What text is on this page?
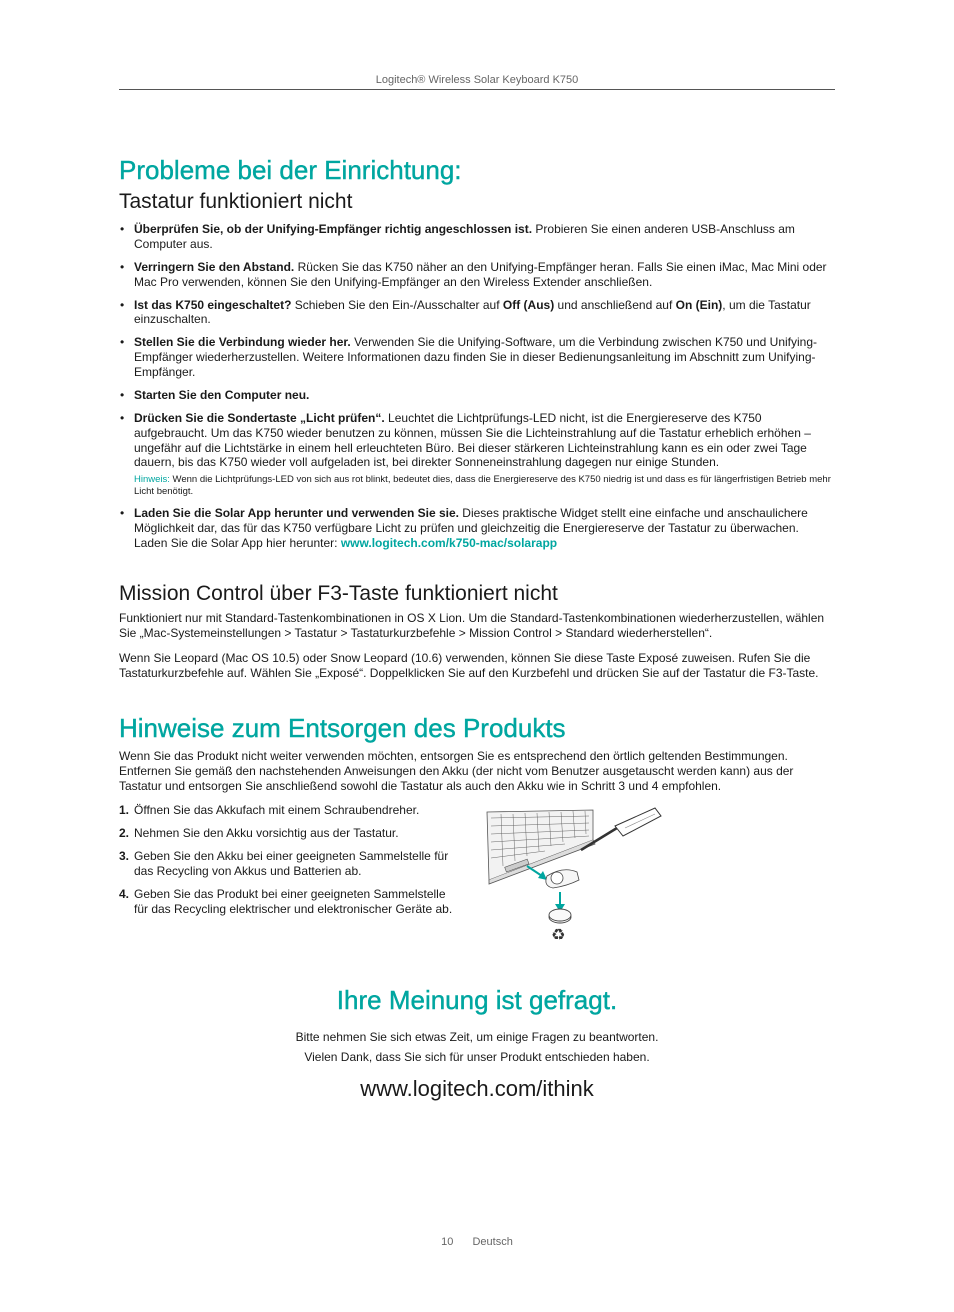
Logitech® Wireless Solar Keyboard K750
Probleme bei der Einrichtung:
Tastatur funktioniert nicht
• Überprüfen Sie, ob der Unifying-Empfänger richtig angeschlossen ist. Probieren Sie einen anderen USB-Anschluss am Computer aus.
• Verringern Sie den Abstand. Rücken Sie das K750 näher an den Unifying-Empfänger heran. Falls Sie einen iMac, Mac Mini oder Mac Pro verwenden, können Sie den Unifying-Empfänger an den Wireless Extender anschließen.
• Ist das K750 eingeschaltet? Schieben Sie den Ein-/Ausschalter auf Off (Aus) und anschließend auf On (Ein), um die Tastatur einzuschalten.
• Stellen Sie die Verbindung wieder her. Verwenden Sie die Unifying-Software, um die Verbindung zwischen K750 und Unifying-Empfänger wiederherzustellen. Weitere Informationen dazu finden Sie in dieser Bedienungsanleitung im Abschnitt zum Unifying-Empfänger.
• Starten Sie den Computer neu.
• Drücken Sie die Sondertaste „Licht prüfen“. Leuchtet die Lichtprüfungs-LED nicht, ist die Energiereserve des K750 aufgebraucht. Um das K750 wieder benutzen zu können, müssen Sie die Lichteinstrahlung auf die Tastatur erheblich erhöhen – ungefähr auf die Lichtstärke in einem hell erleuchteten Büro. Bei dieser stärkeren Lichteinstrahlung kann es ein oder zwei Tage dauern, bis das K750 wieder voll aufgeladen ist, bei direkter Sonneneinstrahlung dagegen nur einige Stunden.
Hinweis: Wenn die Lichtprüfungs-LED von sich aus rot blinkt, bedeutet dies, dass die Energiereserve des K750 niedrig ist und dass es für längerfristigen Betrieb mehr Licht benötigt.
• Laden Sie die Solar App herunter und verwenden Sie sie. Dieses praktische Widget stellt eine einfache und anschaulichere Möglichkeit dar, das für das K750 verfügbare Licht zu prüfen und gleichzeitig die Energiereserve der Tastatur zu überwachen. Laden Sie die Solar App hier herunter: www.logitech.com/k750-mac/solarapp
Mission Control über F3-Taste funktioniert nicht

Funktioniert nur mit Standard-Tastenkombinationen in OS X Lion. Um die Standard-Tastenkombinationen wiederherzustellen, wählen Sie „Mac-Systemeinstellungen > Tastatur > Tastaturkurzbefehle > Mission Control > Standard wiederherstellen“.

Wenn Sie Leopard (Mac OS 10.5) oder Snow Leopard (10.6) verwenden, können Sie diese Taste Exposé zuweisen. Rufen Sie die Tastaturkurzbefehle auf. Wählen Sie „Exposé“. Doppelklicken Sie auf den Kurzbefehl und drücken Sie auf der Tastatur die F3-Taste.

Hinweise zum Entsorgen des Produkts

Wenn Sie das Produkt nicht weiter verwenden möchten, entsorgen Sie es entsprechend den örtlich geltenden Bestimmungen. Entfernen Sie gemäß den nachstehenden Anweisungen den Akku (der nicht vom Benutzer ausgetauscht werden kann) aus der Tastatur und entsorgen Sie anschließend sowohl die Tastatur als auch den Akku wie in Schritt 3 und 4 empfohlen.

1. Öffnen Sie das Akkufach mit einem Schraubendreher.
2. Nehmen Sie den Akku vorsichtig aus der Tastatur.
3. Geben Sie den Akku bei einer geeigneten Sammelstelle für das Recycling von Akkus und Batterien ab.
4. Geben Sie das Produkt bei einer geeigneten Sammelstelle für das Recycling elektrischer und elektronischer Geräte ab.
♻
Ihre Meinung ist gefragt.
Bitte nehmen Sie sich etwas Zeit, um einige Fragen zu beantworten.
Vielen Dank, dass Sie sich für unser Produkt entschieden haben.
www.logitech.com/ithink
10 Deutsch
